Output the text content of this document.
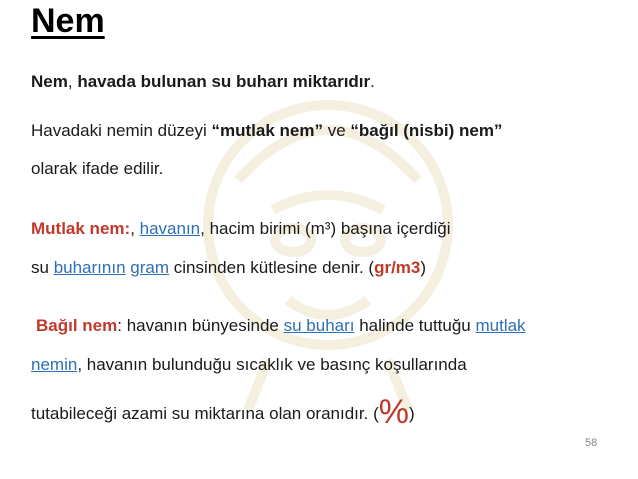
Nem
Nem, havada bulunan su buharı miktarıdır.
Havadaki nemin düzeyi “mutlak nem” ve “bağıl (nisbi) nem”
olarak ifade edilir.
Mutlak nem:, havanın, hacim birimi (m³) başına içerdiği
su buharının gram cinsinden kütlesine denir. (gr/m3)
Bağıl nem: havanın bünyesinde su buharı halinde tuttuğu mutlak
nemin, havanın bulunduğu sıcaklık ve basınç koşullarında
tutabileceği azami su miktarına olan oranıdır. (%)
58
